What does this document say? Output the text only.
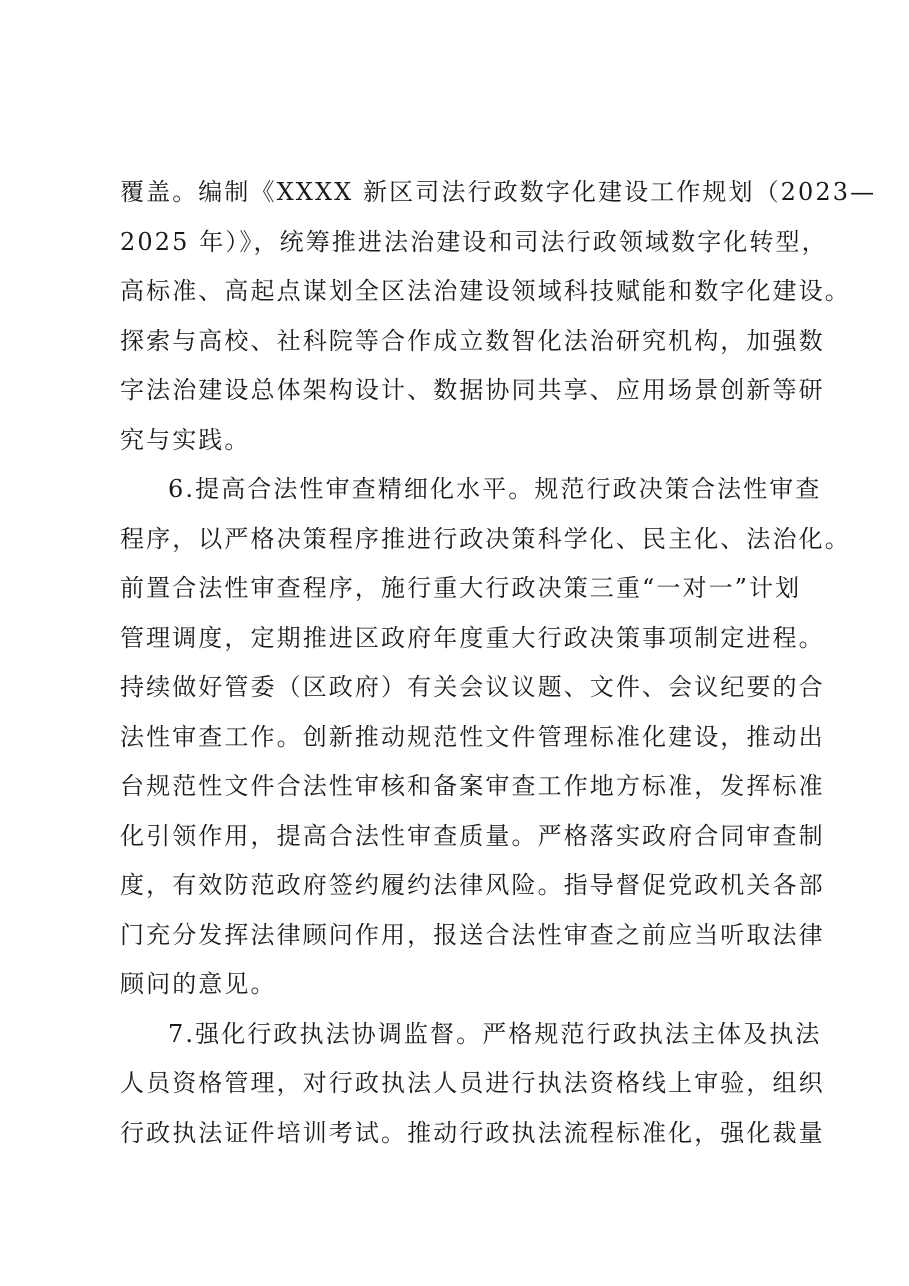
覆盖。编制《XXXX 新区司法行政数字化建设工作规划（2023—
2025 年）》，统筹推进法治建设和司法行政领域数字化转型，
高标准、高起点谋划全区法治建设领域科技赋能和数字化建设。
探索与高校、社科院等合作成立数智化法治研究机构，加强数
字法治建设总体架构设计、数据协同共享、应用场景创新等研
究与实践。
6.提高合法性审查精细化水平。规范行政决策合法性审查
程序，以严格决策程序推进行政决策科学化、民主化、法治化。
前置合法性审查程序，施行重大行政决策三重“一对一”计划
管理调度，定期推进区政府年度重大行政决策事项制定进程。
持续做好管委（区政府）有关会议议题、文件、会议纪要的合
法性审查工作。创新推动规范性文件管理标准化建设，推动出
台规范性文件合法性审核和备案审查工作地方标准，发挥标准
化引领作用，提高合法性审查质量。严格落实政府合同审查制
度，有效防范政府签约履约法律风险。指导督促党政机关各部
门充分发挥法律顾问作用，报送合法性审查之前应当听取法律
顾问的意见。
7.强化行政执法协调监督。严格规范行政执法主体及执法
人员资格管理，对行政执法人员进行执法资格线上审验，组织
行政执法证件培训考试。推动行政执法流程标准化，强化裁量
